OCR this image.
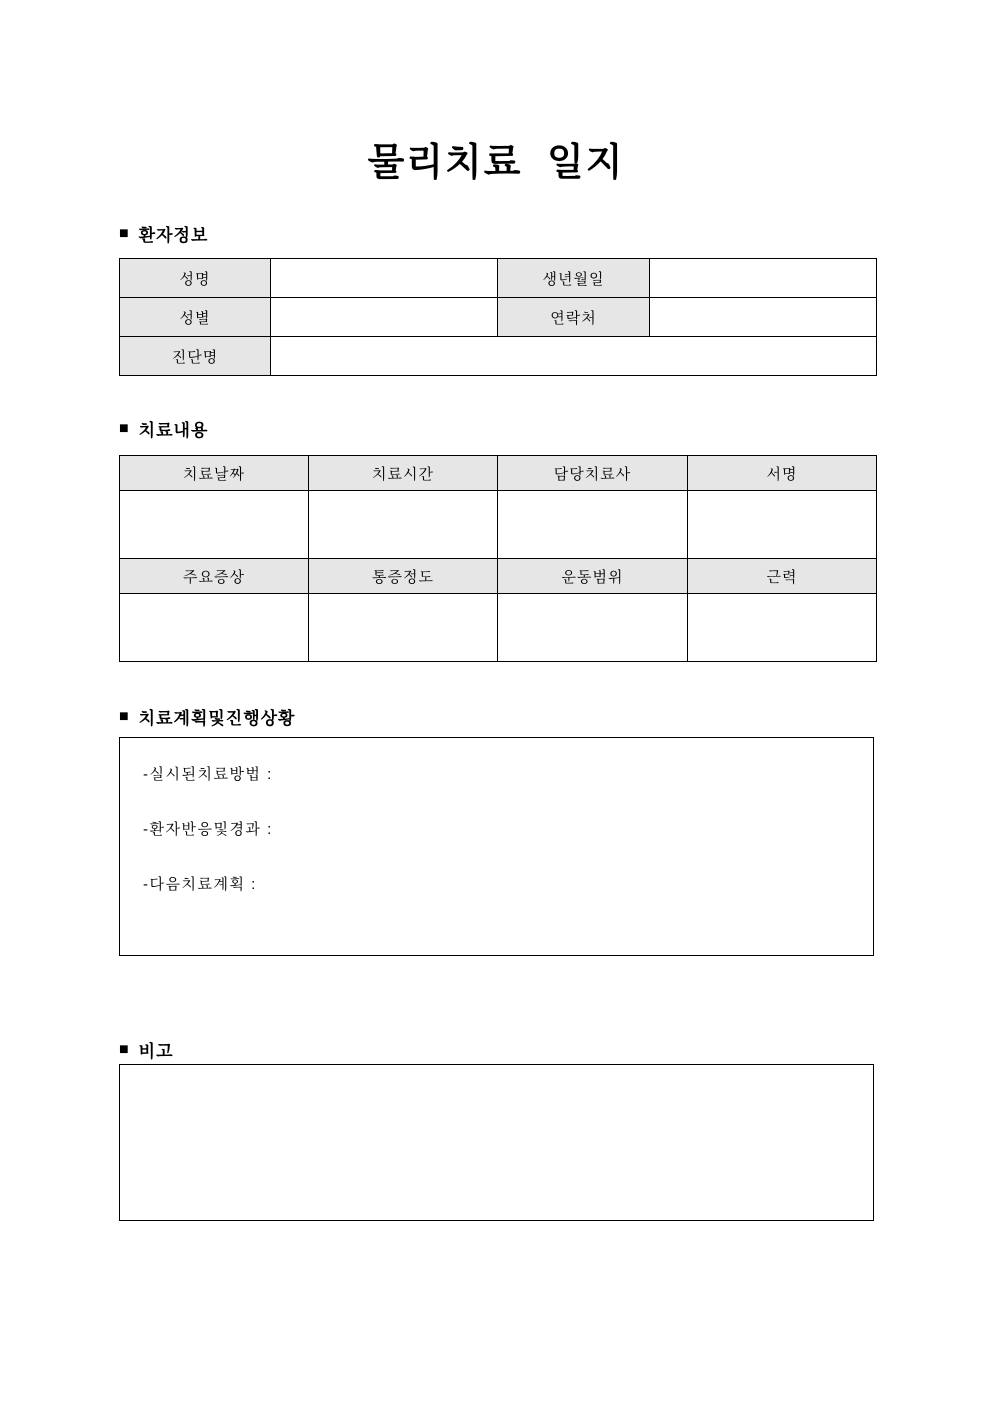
물리치료 일지
■ 환자정보
성명		생년월일	
성별		연락처	
진단명			
■ 치료내용
치료날짜	치료시간	담당치료사	서명

주요증상	통증정도	운동범위	근력

■ 치료계획및진행상황

-실시된치료방법 :

-환자반응및경과 :

-다음치료계획 :

■ 비고
